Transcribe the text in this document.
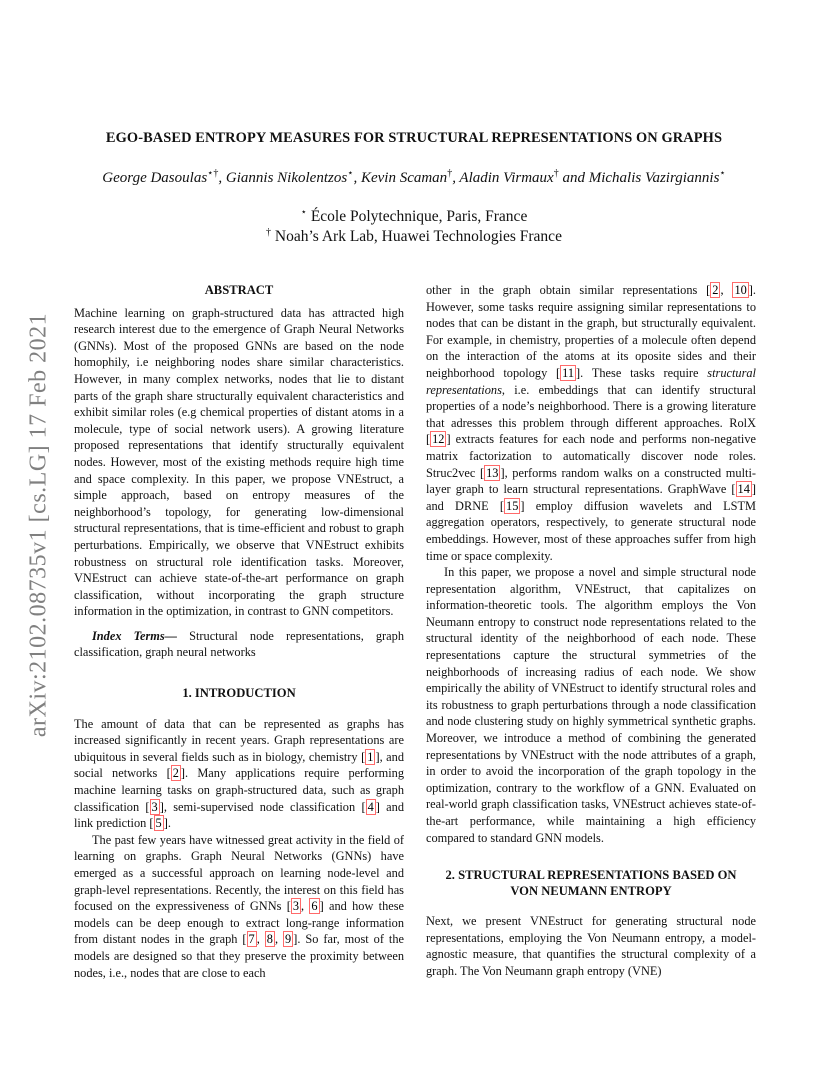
arXiv:2102.08735v1 [cs.LG] 17 Feb 2021
EGO-BASED ENTROPY MEASURES FOR STRUCTURAL REPRESENTATIONS ON GRAPHS
George Dasoulas⋆†, Giannis Nikolentzos⋆, Kevin Scaman†, Aladin Virmaux† and Michalis Vazirgiannis⋆
⋆ École Polytechnique, Paris, France
† Noah’s Ark Lab, Huawei Technologies France
ABSTRACT

Machine learning on graph-structured data has attracted high research interest due to the emergence of Graph Neural Networks (GNNs). Most of the proposed GNNs are based on the node homophily, i.e neighboring nodes share similar characteristics. However, in many complex networks, nodes that lie to distant parts of the graph share structurally equivalent characteristics and exhibit similar roles (e.g chemical properties of distant atoms in a molecule, type of social network users). A growing literature proposed representations that identify structurally equivalent nodes. However, most of the existing methods require high time and space complexity. In this paper, we propose VNEstruct, a simple approach, based on entropy measures of the neighborhood’s topology, for generating low-dimensional structural representations, that is time-efficient and robust to graph perturbations. Empirically, we observe that VNEstruct exhibits robustness on structural role identification tasks. Moreover, VNEstruct can achieve state-of-the-art performance on graph classification, without incorporating the graph structure information in the optimization, in contrast to GNN competitors.

Index Terms— Structural node representations, graph classification, graph neural networks

1. INTRODUCTION

The amount of data that can be represented as graphs has increased significantly in recent years. Graph representations are ubiquitous in several fields such as in biology, chemistry [ 1 ], and social networks [ 2 ]. Many applications require performing machine learning tasks on graph-structured data, such as graph classification [ 3 ], semi-supervised node classification [ 4 ] and link prediction [ 5 ].

The past few years have witnessed great activity in the field of learning on graphs. Graph Neural Networks (GNNs) have emerged as a successful approach on learning node-level and graph-level representations. Recently, the interest on this field has focused on the expressiveness of GNNs [ 3 , 6 ] and how these models can be deep enough to extract long-range information from distant nodes in the graph [ 7 , 8 , 9 ]. So far, most of the models are designed so that they preserve the proximity between nodes, i.e., nodes that are close to each

other in the graph obtain similar representations [ 2 , 10 ]. However, some tasks require assigning similar representations to nodes that can be distant in the graph, but structurally equivalent. For example, in chemistry, properties of a molecule often depend on the interaction of the atoms at its oposite sides and their neighborhood topology [ 11 ]. These tasks require structural representations, i.e. embeddings that can identify structural properties of a node’s neighborhood. There is a growing literature that adresses this problem through different approaches. RolX [ 12 ] extracts features for each node and performs non-negative matrix factorization to automatically discover node roles. Struc2vec [ 13 ], performs random walks on a constructed multi-layer graph to learn structural representations. GraphWave [ 14 ] and DRNE [ 15 ] employ diffusion wavelets and LSTM aggregation operators, respectively, to generate structural node embeddings. However, most of these approaches suffer from high time or space complexity.

In this paper, we propose a novel and simple structural node representation algorithm, VNEstruct, that capitalizes on information-theoretic tools. The algorithm employs the Von Neumann entropy to construct node representations related to the structural identity of the neighborhood of each node. These representations capture the structural symmetries of the neighborhoods of increasing radius of each node. We show empirically the ability of VNEstruct to identify structural roles and its robustness to graph perturbations through a node classification and node clustering study on highly symmetrical synthetic graphs. Moreover, we introduce a method of combining the generated representations by VNEstruct with the node attributes of a graph, in order to avoid the incorporation of the graph topology in the optimization, contrary to the workflow of a GNN. Evaluated on real-world graph classification tasks, VNEstruct achieves state-of-the-art performance, while maintaining a high efficiency compared to standard GNN models.

2. STRUCTURAL REPRESENTATIONS BASED ON
VON NEUMANN ENTROPY

Next, we present VNEstruct for generating structural node representations, employing the Von Neumann entropy, a model-agnostic measure, that quantifies the structural complexity of a graph. The Von Neumann graph entropy (VNE)
